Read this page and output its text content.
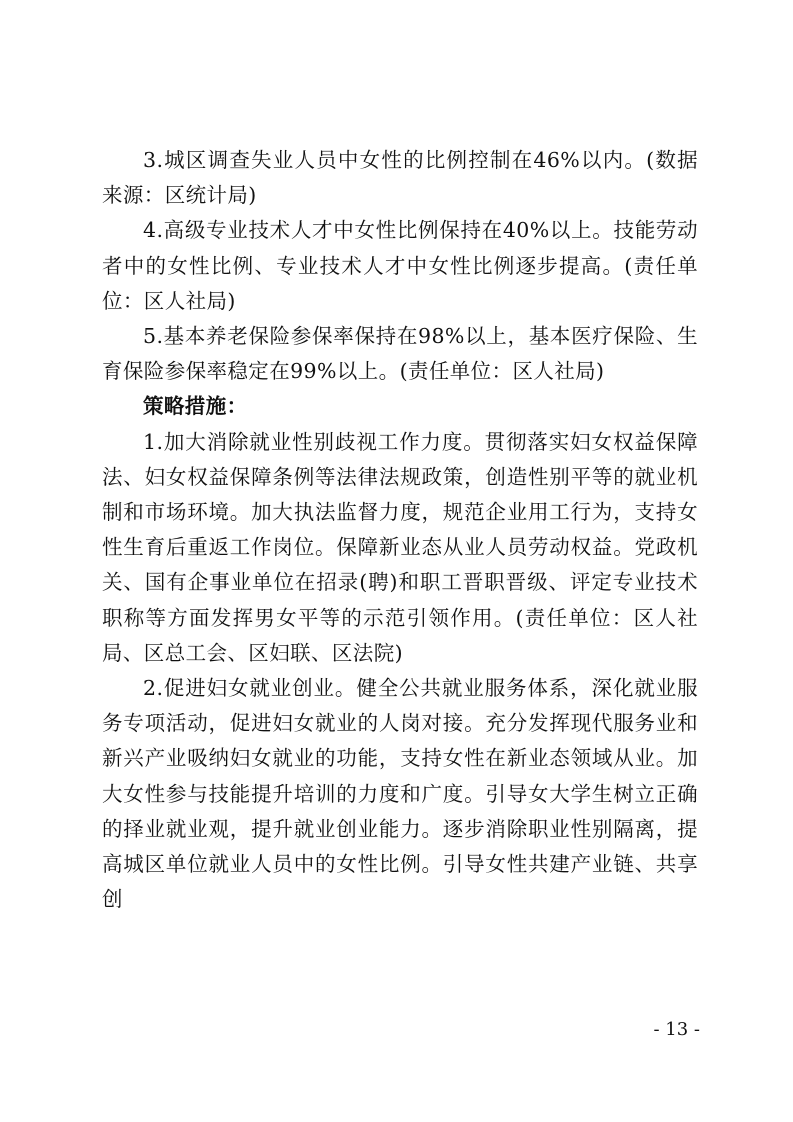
3.城区调查失业人员中女性的比例控制在46%以内。(数据来源：区统计局)

4.高级专业技术人才中女性比例保持在40%以上。技能劳动者中的女性比例、专业技术人才中女性比例逐步提高。(责任单位：区人社局)

5.基本养老保险参保率保持在98%以上，基本医疗保险、生育保险参保率稳定在99%以上。(责任单位：区人社局)

策略措施：

1.加大消除就业性别歧视工作力度。贯彻落实妇女权益保障法、妇女权益保障条例等法律法规政策，创造性别平等的就业机制和市场环境。加大执法监督力度，规范企业用工行为，支持女性生育后重返工作岗位。保障新业态从业人员劳动权益。党政机关、国有企事业单位在招录(聘)和职工晋职晋级、评定专业技术职称等方面发挥男女平等的示范引领作用。(责任单位：区人社局、区总工会、区妇联、区法院)

2.促进妇女就业创业。健全公共就业服务体系，深化就业服务专项活动，促进妇女就业的人岗对接。充分发挥现代服务业和新兴产业吸纳妇女就业的功能，支持女性在新业态领域从业。加大女性参与技能提升培训的力度和广度。引导女大学生树立正确的择业就业观，提升就业创业能力。逐步消除职业性别隔离，提高城区单位就业人员中的女性比例。引导女性共建产业链、共享创

- 13 -
